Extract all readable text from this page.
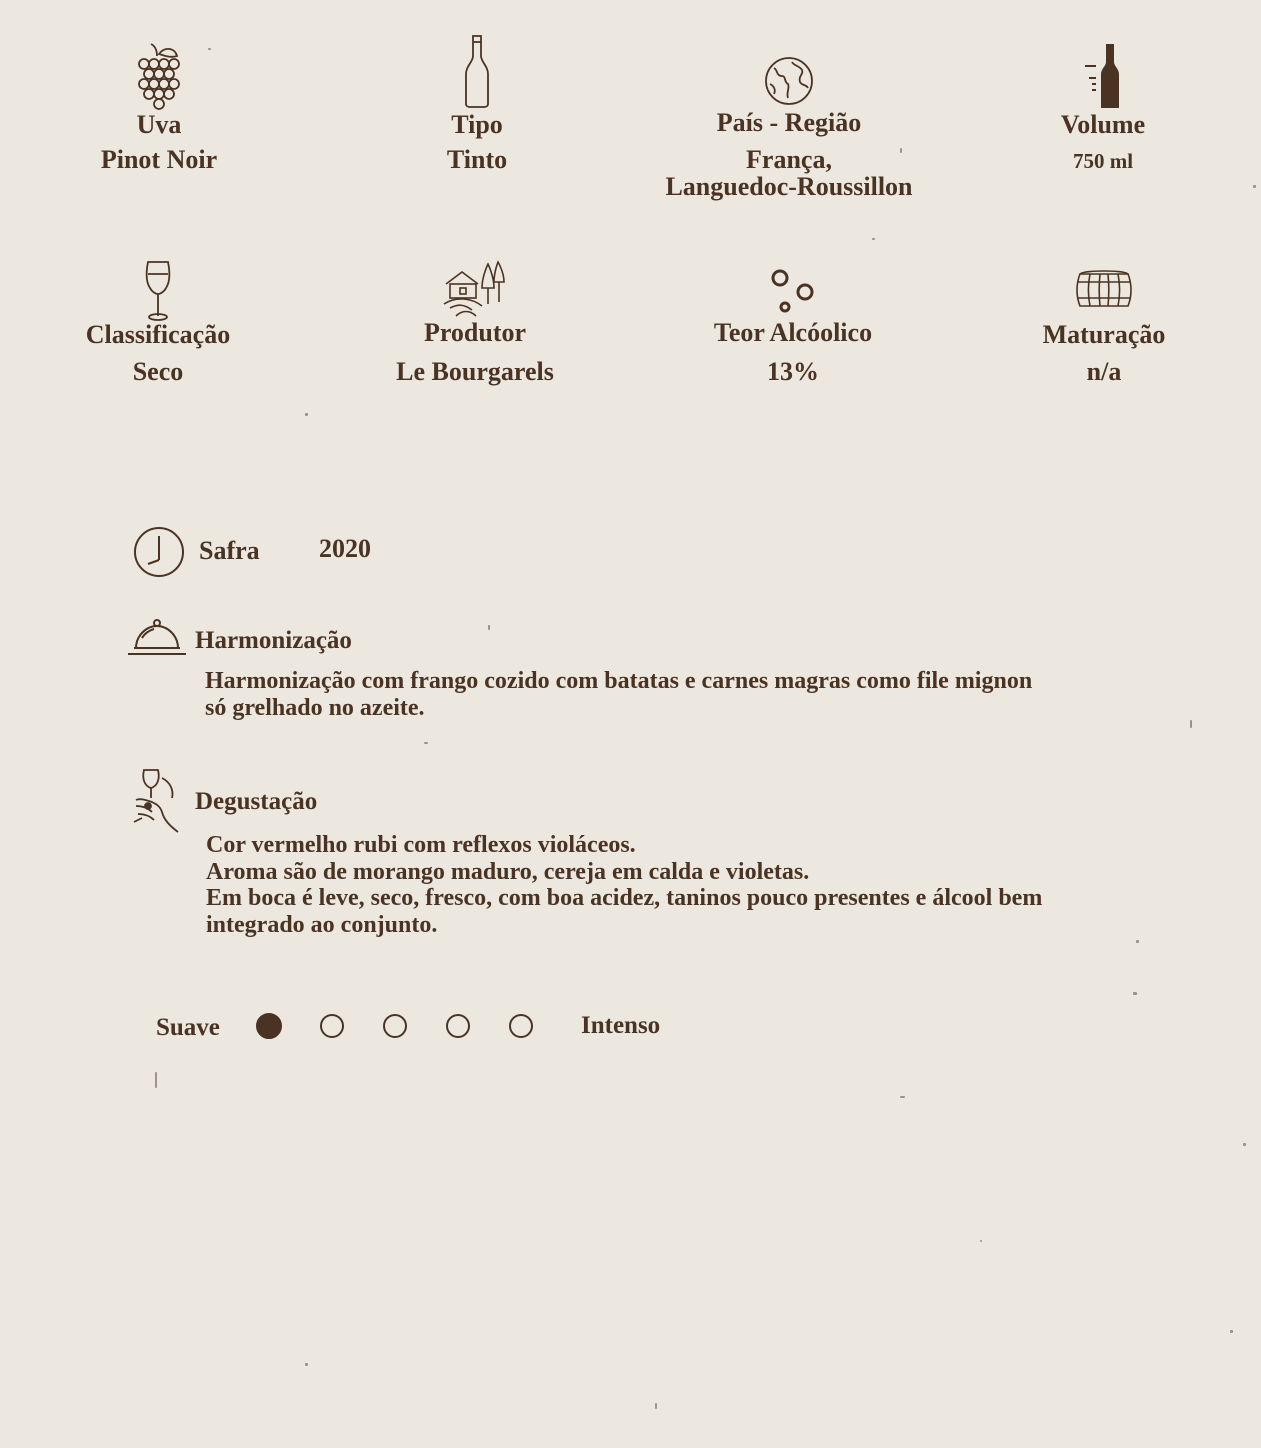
Uva
Pinot Noir
Tipo
Tinto
País - Região
França,
Languedoc-Roussillon
Volume
750 ml
Classificação
Seco
Produtor
Le Bourgarels
Teor Alcóolico
13%
Maturação
n/a
Safra 2020
Harmonização
Harmonização com frango cozido com batatas e carnes magras como file mignon
só grelhado no azeite.
Degustação
Cor vermelho rubi com reflexos violáceos.
Aroma são de morango maduro, cereja em calda e violetas.
Em boca é leve, seco, fresco, com boa acidez, taninos pouco presentes e álcool bem
integrado ao conjunto.
Suave	Intenso
